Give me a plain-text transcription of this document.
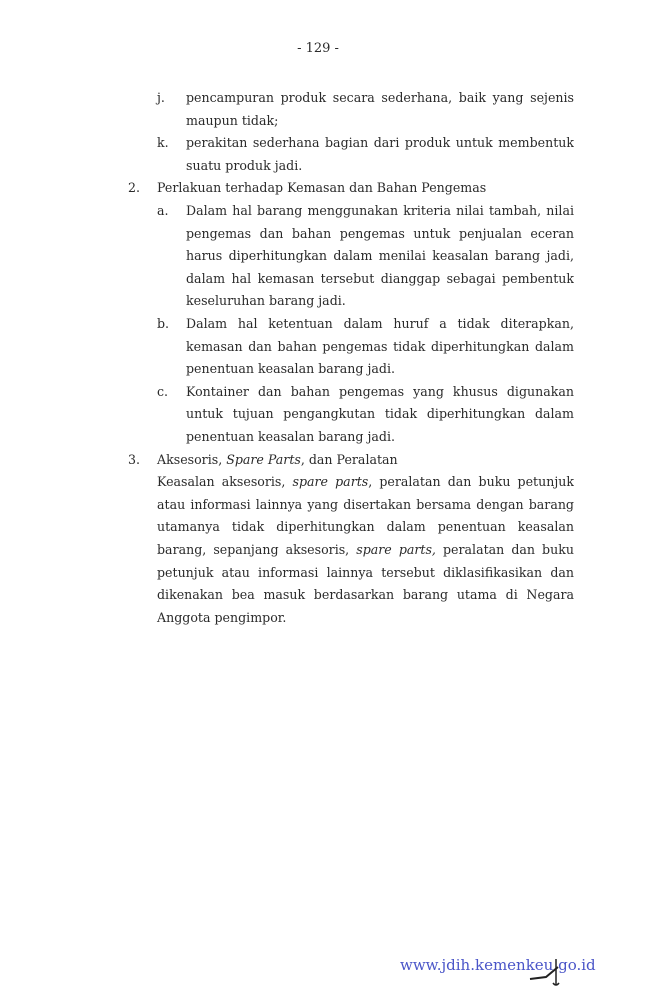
- 129 -
j. pencampuran produk secara sederhana, baik yang sejenis
maupun tidak;
k. perakitan sederhana bagian dari produk untuk membentuk
suatu produk jadi.
2. Perlakuan terhadap Kemasan dan Bahan Pengemas
a. Dalam hal barang menggunakan kriteria nilai tambah, nilai
pengemas dan bahan pengemas untuk penjualan eceran
harus diperhitungkan dalam menilai keasalan barang jadi,
dalam hal kemasan tersebut dianggap sebagai pembentuk
keseluruhan barang jadi.
b. Dalam hal ketentuan dalam huruf a tidak diterapkan,
kemasan dan bahan pengemas tidak diperhitungkan dalam
penentuan keasalan barang jadi.
c. Kontainer dan bahan pengemas yang khusus digunakan
untuk tujuan pengangkutan tidak diperhitungkan dalam
penentuan keasalan barang jadi.
3. Aksesoris, Spare Parts, dan Peralatan
Keasalan aksesoris, spare parts, peralatan dan buku petunjuk
atau informasi lainnya yang disertakan bersama dengan barang
utamanya tidak diperhitungkan dalam penentuan keasalan
barang, sepanjang aksesoris, spare parts, peralatan dan buku
petunjuk atau informasi lainnya tersebut diklasifikasikan dan
dikenakan bea masuk berdasarkan barang utama di Negara
Anggota pengimpor.
www.jdih.kemenkeu.go.id
